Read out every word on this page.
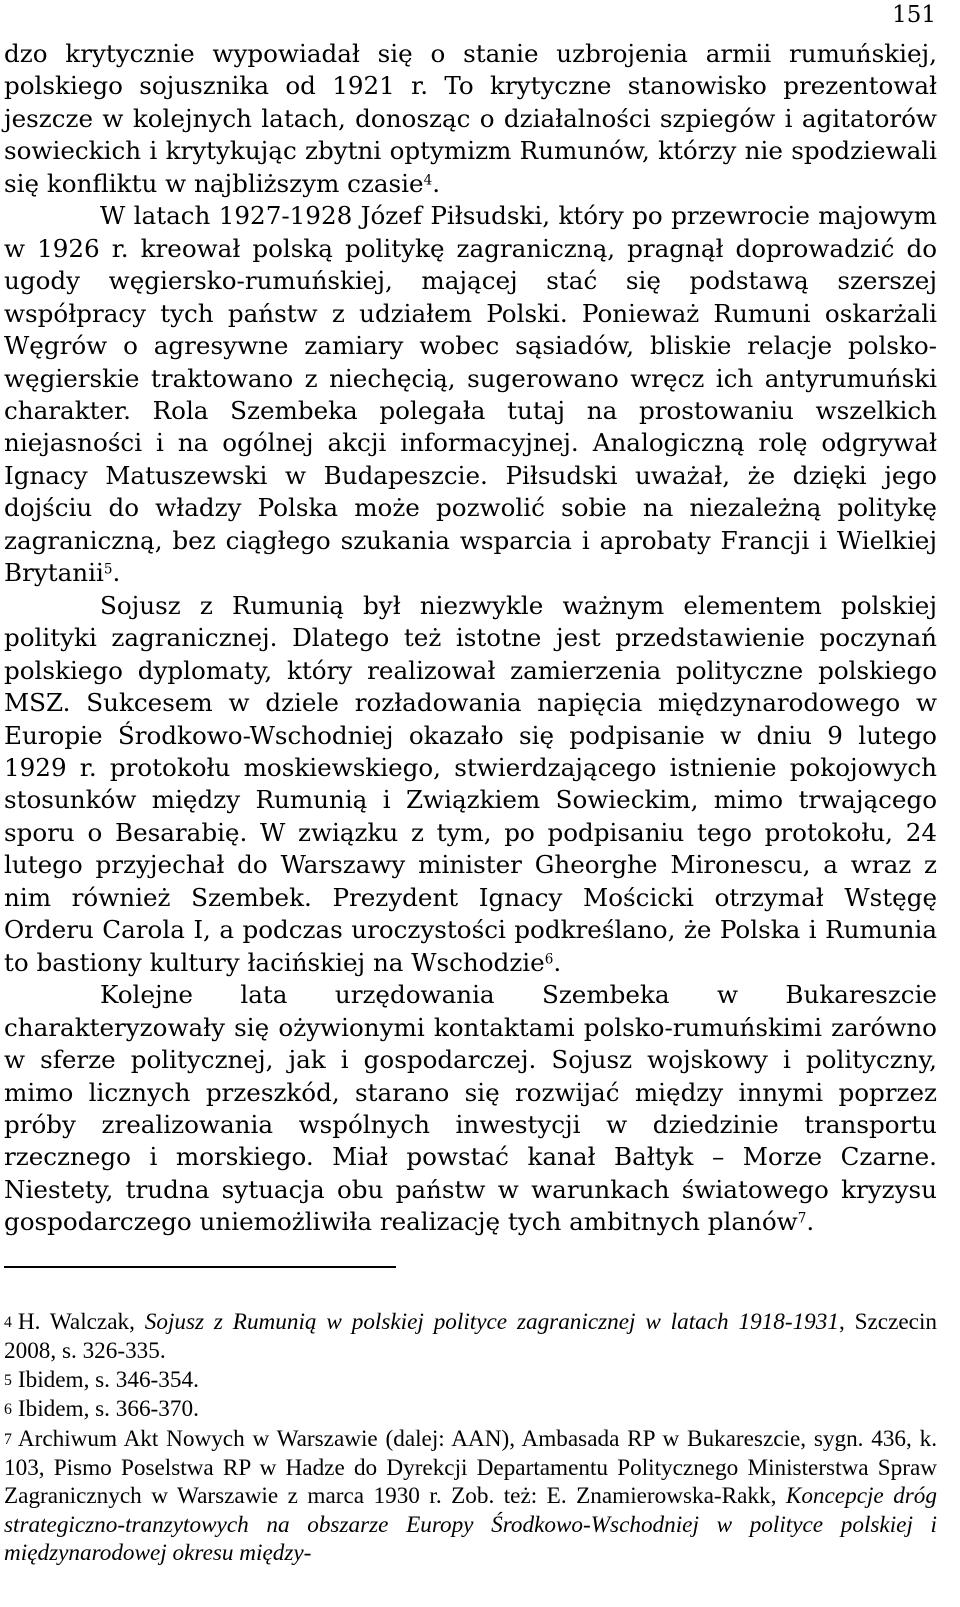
151

dzo krytycznie wypowiadał się o stanie uzbrojenia armii rumuńskiej, polskiego sojusznika od 1921 r. To krytyczne stanowisko prezentował jeszcze w kolejnych latach, donosząc o działalności szpiegów i agitatorów sowieckich i krytykując zbytni optymizm Rumunów, którzy nie spodziewali się konfliktu w najbliższym czasie$^4$.

W latach 1927-1928 Józef Piłsudski, który po przewrocie majowym w 1926 r. kreował polską politykę zagraniczną, pragnął doprowadzić do ugody węgiersko-rumuńskiej, mającej stać się podstawą szerszej współpracy tych państw z udziałem Polski. Ponieważ Rumuni oskarżali Węgrów o agresywne zamiary wobec sąsiadów, bliskie relacje polsko-węgierskie traktowano z niechęcią, sugerowano wręcz ich antyrumuński charakter. Rola Szembeka polegała tutaj na prostowaniu wszelkich niejasności i na ogólnej akcji informacyjnej. Analogiczną rolę odgrywał Ignacy Matuszewski w Budapeszcie. Piłsudski uważał, że dzięki jego dojściu do władzy Polska może pozwolić sobie na niezależną politykę zagraniczną, bez ciągłego szukania wsparcia i aprobaty Francji i Wielkiej Brytanii$^5$.

Sojusz z Rumunią był niezwykle ważnym elementem polskiej polityki zagranicznej. Dlatego też istotne jest przedstawienie poczynań polskiego dyplomaty, który realizował zamierzenia polityczne polskiego MSZ. Sukcesem w dziele rozładowania napięcia międzynarodowego w Europie Środkowo-Wschodniej okazało się podpisanie w dniu 9 lutego 1929 r. protokołu moskiewskiego, stwierdzającego istnienie pokojowych stosunków między Rumunią i Związkiem Sowieckim, mimo trwającego sporu o Besarabię. W związku z tym, po podpisaniu tego protokołu, 24 lutego przyjechał do Warszawy minister Gheorghe Mironescu, a wraz z nim również Szembek. Prezydent Ignacy Mościcki otrzymał Wstęgę Orderu Carola I, a podczas uroczystości podkreślano, że Polska i Rumunia to bastiony kultury łacińskiej na Wschodzie$^6$.

Kolejne lata urzędowania Szembeka w Bukareszcie charakteryzowały się ożywionymi kontaktami polsko-rumuńskimi zarówno w sferze politycznej, jak i gospodarczej. Sojusz wojskowy i polityczny, mimo licznych przeszkód, starano się rozwijać między innymi poprzez próby zrealizowania wspólnych inwestycji w dziedzinie transportu rzecznego i morskiego. Miał powstać kanał Bałtyk – Morze Czarne. Niestety, trudna sytuacja obu państw w warunkach światowego kryzysu gospodarczego uniemożliwiła realizację tych ambitnych planów$^7$.

4 H. Walczak, Sojusz z Rumunią w polskiej polityce zagranicznej w latach 1918-1931, Szczecin 2008, s. 326-335.

5 Ibidem, s. 346-354.

6 Ibidem, s. 366-370.

7 Archiwum Akt Nowych w Warszawie (dalej: AAN), Ambasada RP w Bukareszcie, sygn. 436, k. 103, Pismo Poselstwa RP w Hadze do Dyrekcji Departamentu Politycznego Ministerstwa Spraw Zagranicznych w Warszawie z marca 1930 r. Zob. też: E. Znamierowska-Rakk, Koncepcje dróg strategiczno-tranzytowych na obszarze Europy Środkowo-Wschodniej w polityce polskiej i międzynarodowej okresu między-
